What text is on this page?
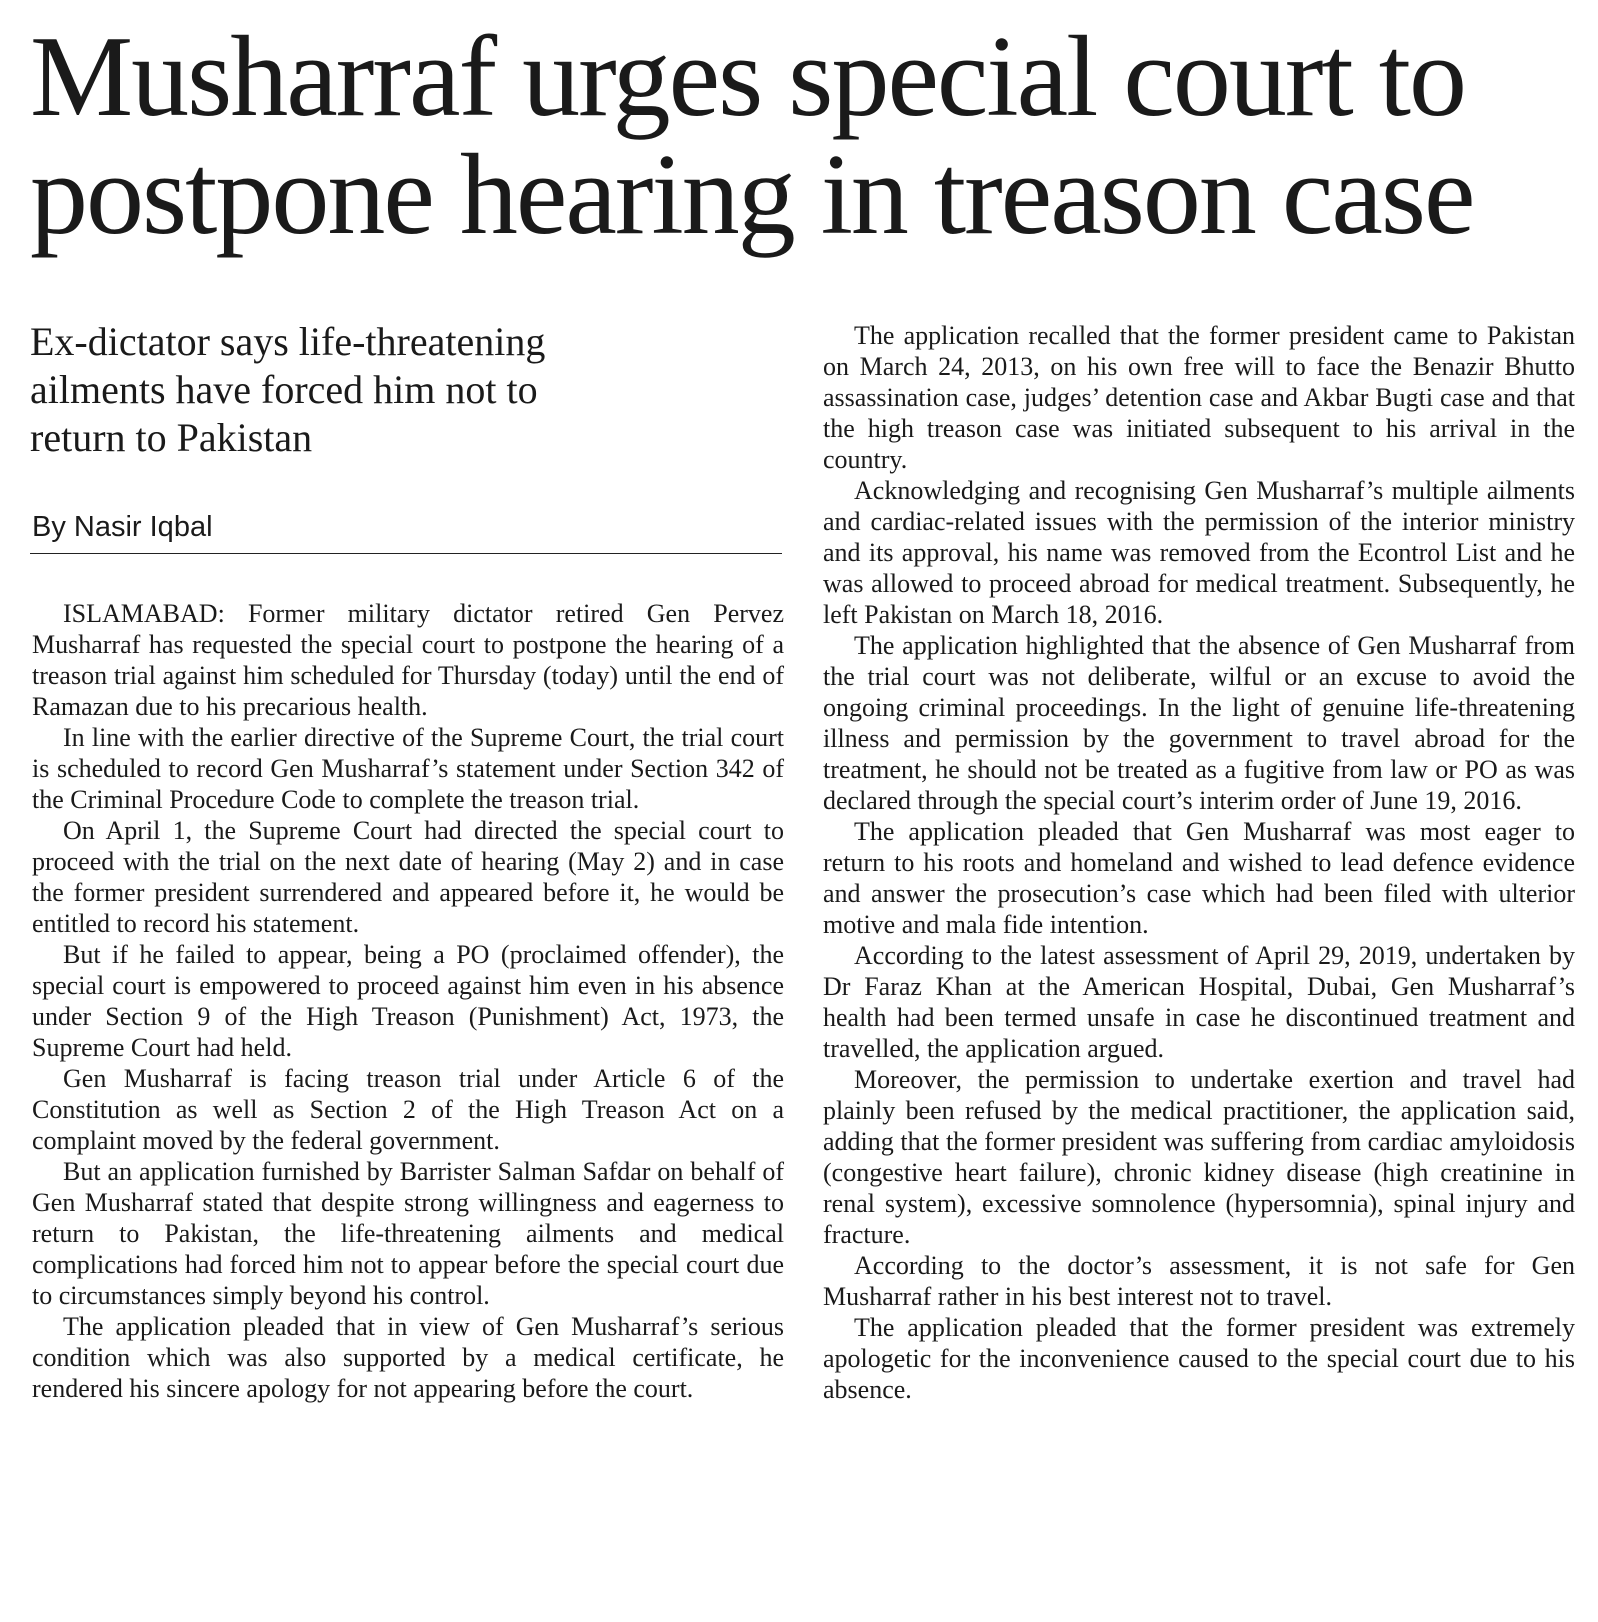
Musharraf urges special court to
postpone hearing in treason case
Ex-dictator says life-threatening
ailments have forced him not to
return to Pakistan
By Nasir Iqbal

ISLAMABAD: Former military dictator retired Gen Pervez Musharraf has requested the special court to postpone the hearing of a treason trial against him scheduled for Thursday (today) until the end of Ramazan due to his precarious health.

In line with the earlier directive of the Supreme Court, the trial court is scheduled to record Gen Musharraf’s statement under Section 342 of the Criminal Procedure Code to complete the treason trial.

On April 1, the Supreme Court had directed the special court to proceed with the trial on the next date of hearing (May 2) and in case the former president surrendered and appeared before it, he would be entitled to record his statement.

But if he failed to appear, being a PO (proclaimed offender), the special court is empowered to proceed against him even in his absence under Section 9 of the High Treason (Punishment) Act, 1973, the Supreme Court had held.

Gen Musharraf is facing treason trial under Article 6 of the Constitution as well as Section 2 of the High Treason Act on a complaint moved by the federal government.

But an application furnished by Barrister Salman Safdar on behalf of Gen Musharraf stated that despite strong willingness and eagerness to return to Pakistan, the life-threatening ailments and medical complications had forced him not to appear before the special court due to circumstances simply beyond his control.

The application pleaded that in view of Gen Musharraf’s serious condition which was also supported by a medical certificate, he rendered his sincere apology for not appearing before the court.

The application recalled that the former president came to Pakistan on March 24, 2013, on his own free will to face the Benazir Bhutto assassination case, judges’ detention case and Akbar Bugti case and that the high treason case was initiated subsequent to his arrival in the country.

Acknowledging and recognising Gen Musharraf’s multiple ailments and cardiac-related issues with the permission of the interior ministry and its approval, his name was removed from the Econtrol List and he was allowed to proceed abroad for medical treatment. Subsequently, he left Pakistan on March 18, 2016.

The application highlighted that the absence of Gen Musharraf from the trial court was not deliberate, wilful or an excuse to avoid the ongoing criminal proceedings. In the light of genuine life-threatening illness and permission by the government to travel abroad for the treatment, he should not be treated as a fugitive from law or PO as was declared through the special court’s interim order of June 19, 2016.

The application pleaded that Gen Musharraf was most eager to return to his roots and homeland and wished to lead defence evidence and answer the prosecution’s case which had been filed with ulterior motive and mala fide intention.

According to the latest assessment of April 29, 2019, undertaken by Dr Faraz Khan at the American Hospital, Dubai, Gen Musharraf’s health had been termed unsafe in case he discontinued treatment and travelled, the application argued.

Moreover, the permission to undertake exertion and travel had plainly been refused by the medical practitioner, the application said, adding that the former president was suffering from cardiac amyloidosis (congestive heart failure), chronic kidney disease (high creatinine in renal system), excessive somnolence (hypersomnia), spinal injury and fracture.

According to the doctor’s assessment, it is not safe for Gen Musharraf rather in his best interest not to travel.

The application pleaded that the former president was extremely apologetic for the inconvenience caused to the special court due to his absence.
